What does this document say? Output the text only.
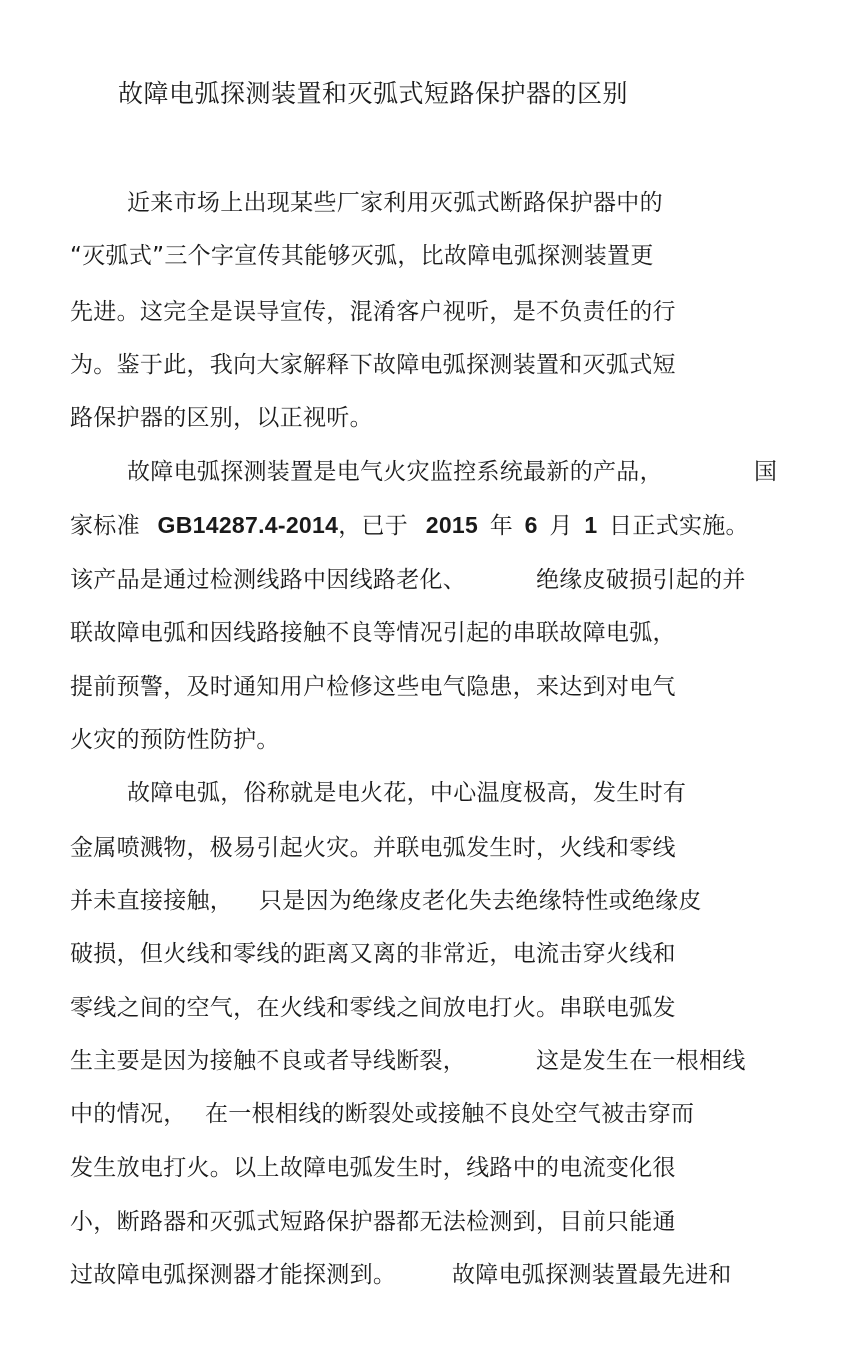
故障电弧探测装置和灭弧式短路保护器的区别
近来市场上出现某些厂家利用灭弧式断路保护器中的
“灭弧式”三个字宣传其能够灭弧，比故障电弧探测装置更
先进。这完全是误导宣传，混淆客户视听，是不负责任的行
为。鉴于此，我向大家解释下故障电弧探测装置和灭弧式短
路保护器的区别，以正视听。
故障电弧探测装置是电气火灾监控系统最新的产品，	国
家标准 GB14287.4-2014，已于 2015 年 6 月 1 日正式实施。
该产品是通过检测线路中因线路老化、	绝缘皮破损引起的并
联故障电弧和因线路接触不良等情况引起的串联故障电弧，
提前预警，及时通知用户检修这些电气隐患，来达到对电气
火灾的预防性防护。
故障电弧，俗称就是电火花，中心温度极高，发生时有
金属喷溅物，极易引起火灾。并联电弧发生时，火线和零线
并未直接接触， 只是因为绝缘皮老化失去绝缘特性或绝缘皮
破损，但火线和零线的距离又离的非常近，电流击穿火线和
零线之间的空气，在火线和零线之间放电打火。串联电弧发
生主要是因为接触不良或者导线断裂，	这是发生在一根相线
中的情况， 在一根相线的断裂处或接触不良处空气被击穿而
发生放电打火。以上故障电弧发生时，线路中的电流变化很
小，断路器和灭弧式短路保护器都无法检测到，目前只能通
过故障电弧探测器才能探测到。 故障电弧探测装置最先进和
